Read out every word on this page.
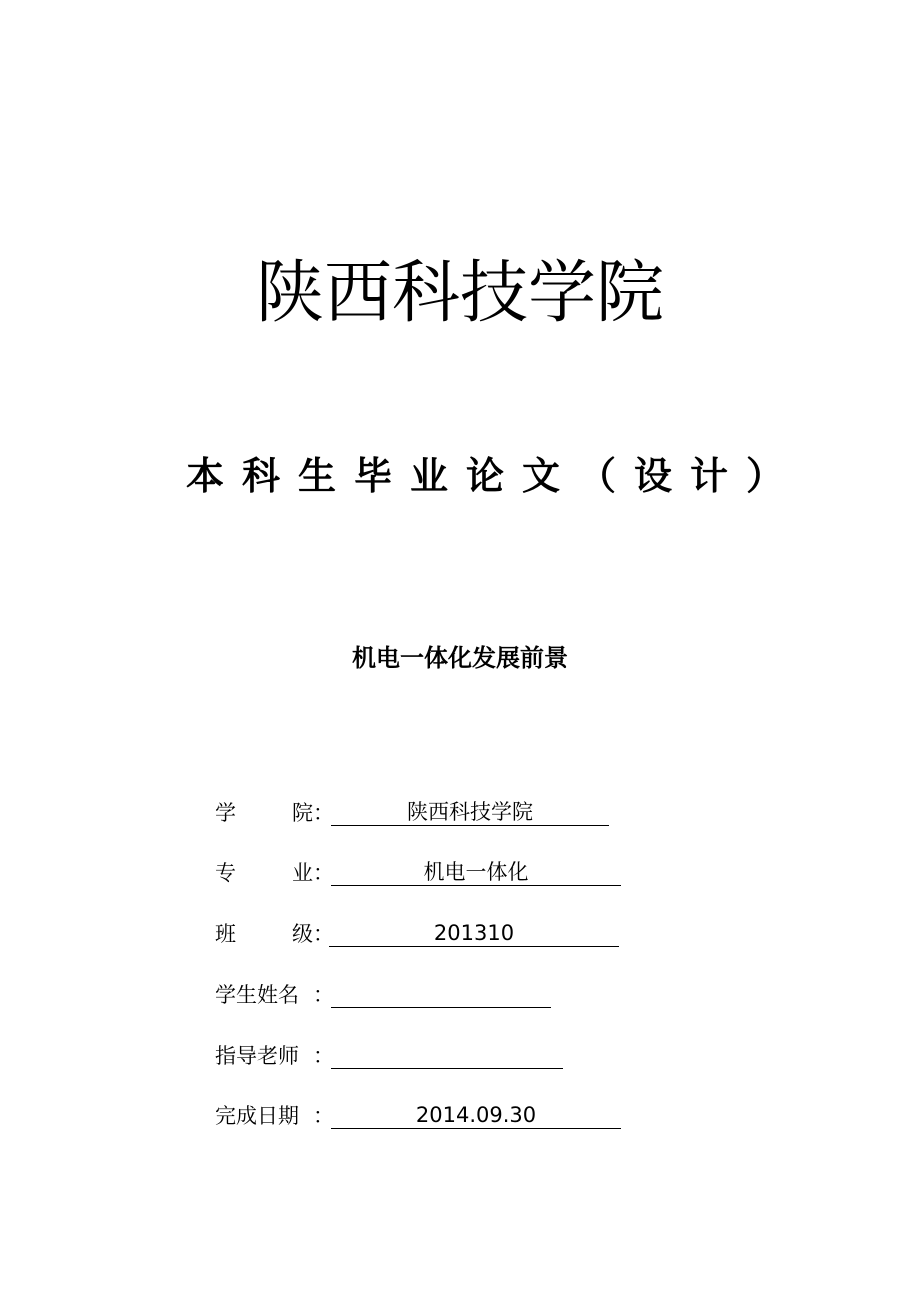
陕西科技学院
本科生毕业论文（设计）
机电一体化发展前景
学	院 ：	陕西科技学院
专	业 ：	机电一体化
班	级 ：	201310
学生姓名 ：
指导老师 ：
完成日期 ：	2014.09.30
